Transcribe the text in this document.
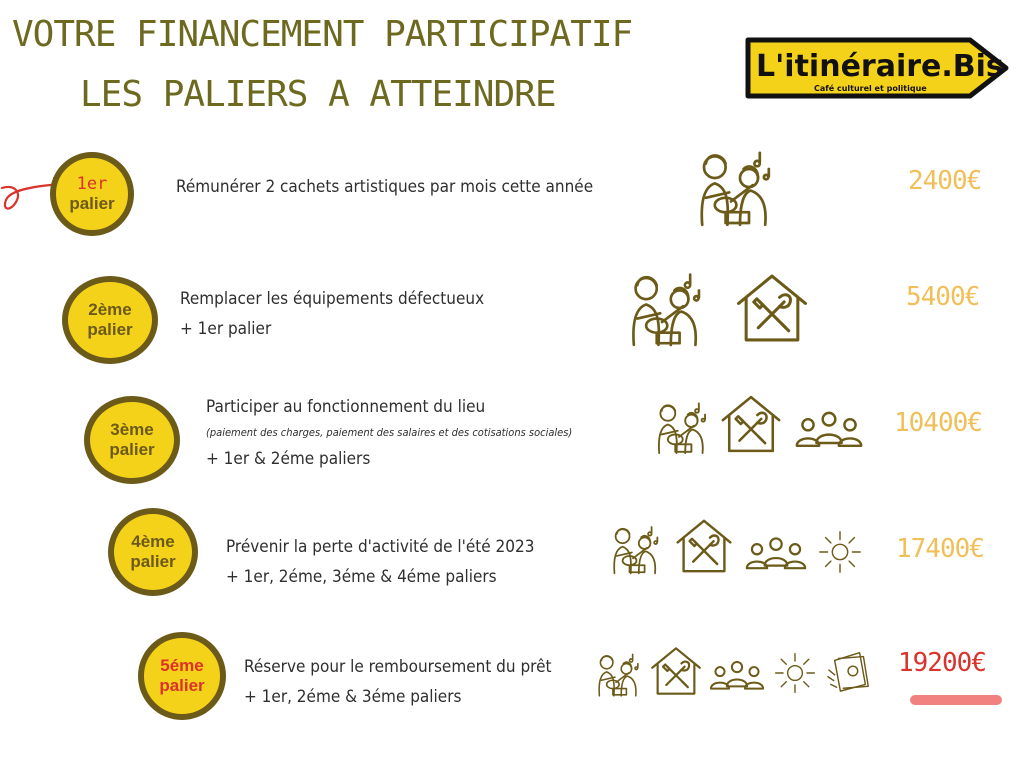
VOTRE FINANCEMENT PARTICIPATIF
LES PALIERS A ATTEINDRE
L'itinéraire.Bis
Café culturel et politique
1er
palier
Rémunérer 2 cachets artistiques par mois cette année	2400€
2ème
palier
Remplacer les équipements défectueux
+ 1er palier
5400€
3ème
palier
Participer au fonctionnement du lieu
(paiement des charges, paiement des salaires et des cotisations sociales)
+ 1er & 2éme paliers
10400€
4ème
palier
Prévenir la perte d'activité de l'été 2023
+ 1er, 2éme, 3éme & 4éme paliers
17400€
5éme
palier
Réserve pour le remboursement du prêt
+ 1er, 2éme & 3éme paliers
19200€
